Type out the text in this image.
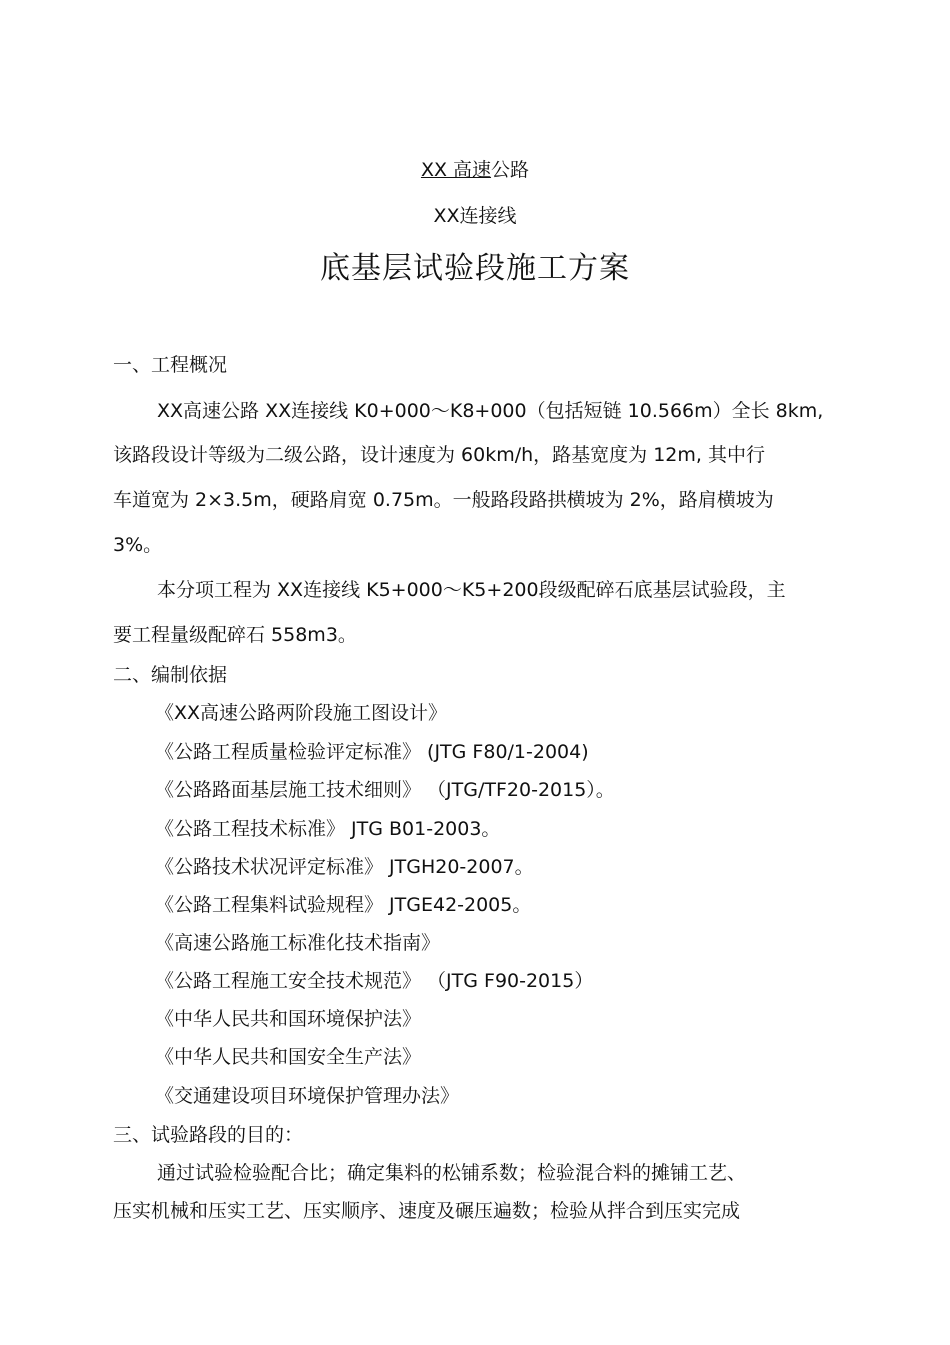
XX 高速公路
XX连接线
底基层试验段施工方案
一、工程概况
XX高速公路 XX连接线 K0+000～K8+000（包括短链 10.566m）全长 8km,
该路段设计等级为二级公路，设计速度为 60km/h，路基宽度为 12m, 其中行
车道宽为 2×3.5m，硬路肩宽 0.75m。一般路段路拱横坡为 2%，路肩横坡为
3%。
本分项工程为 XX连接线 K5+000～K5+200段级配碎石底基层试验段，主
要工程量级配碎石 558m3。
二、编制依据
《XX高速公路两阶段施工图设计》
《公路工程质量检验评定标准》 (JTG F80/1-2004)
《公路路面基层施工技术细则》 （JTG/TF20-2015）。
《公路工程技术标准》 JTG B01-2003。
《公路技术状况评定标准》 JTGH20-2007。
《公路工程集料试验规程》 JTGE42-2005。
《高速公路施工标准化技术指南》
《公路工程施工安全技术规范》 （JTG F90-2015）
《中华人民共和国环境保护法》
《中华人民共和国安全生产法》
《交通建设项目环境保护管理办法》
三、试验路段的目的：
通过试验检验配合比；确定集料的松铺系数；检验混合料的摊铺工艺、
压实机械和压实工艺、压实顺序、速度及碾压遍数；检验从拌合到压实完成
